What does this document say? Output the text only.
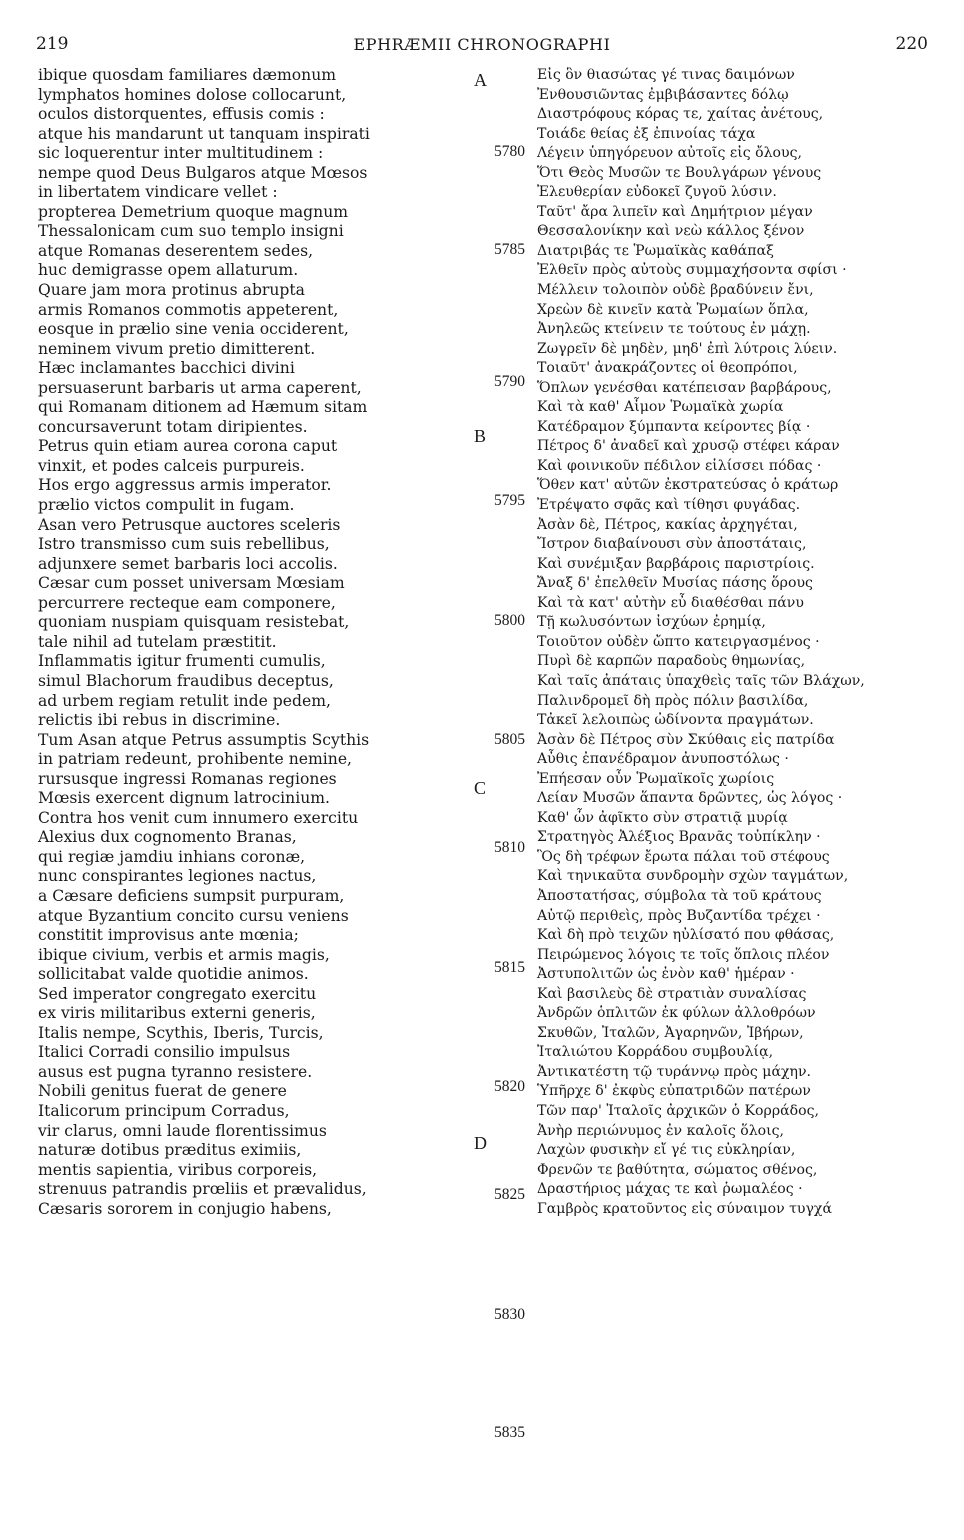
219	EPHRÆMII CHRONOGRAPHI	220
ibique quosdam familiares dæmonum
lymphatos homines dolose collocarunt,
oculos distorquentes, effusis comis :
atque his mandarunt ut tanquam inspirati
sic loquerentur inter multitudinem :
nempe quod Deus Bulgaros atque Mœsos
in libertatem vindicare vellet :
propterea Demetrium quoque magnum
Thessalonicam cum suo templo insigni
atque Romanas deserentem sedes,
huc demigrasse opem allaturum.
Quare jam mora protinus abrupta
armis Romanos commotis appeterent,
eosque in prælio sine venia occiderent,
neminem vivum pretio dimitterent.
Hæc inclamantes bacchici divini
persuaserunt barbaris ut arma caperent,
qui Romanam ditionem ad Hæmum sitam
concursaverunt totam diripientes.
Petrus quin etiam aurea corona caput
vinxit, et podes calceis purpureis.
Hos ergo aggressus armis imperator.
prælio victos compulit in fugam.
Asan vero Petrusque auctores sceleris
Istro transmisso cum suis rebellibus,
adjunxere semet barbaris loci accolis.
Cæsar cum posset universam Mœsiam
percurrere recteque eam componere,
quoniam nuspiam quisquam resistebat,
tale nihil ad tutelam præstitit.
Inflammatis igitur frumenti cumulis,
simul Blachorum fraudibus deceptus,
ad urbem regiam retulit inde pedem,
relictis ibi rebus in discrimine.
Tum Asan atque Petrus assumptis Scythis
in patriam redeunt, prohibente nemine,
rursusque ingressi Romanas regiones
Mœsis exercent dignum latrocinium.
Contra hos venit cum innumero exercitu
Alexius dux cognomento Branas,
qui regiæ jamdiu inhians coronæ,
nunc conspirantes legiones nactus,
a Cæsare deficiens sumpsit purpuram,
atque Byzantium concito cursu veniens
constitit improvisus ante mœnia;
ibique civium, verbis et armis magis,
sollicitabat valde quotidie animos.
Sed imperator congregato exercitu
ex viris militaribus externi generis,
Italis nempe, Scythis, Iberis, Turcis,
Italici Corradi consilio impulsus
ausus est pugna tyranno resistere.
Nobili genitus fuerat de genere
Italicorum principum Corradus,
vir clarus, omni laude florentissimus
naturæ dotibus præditus eximiis,
mentis sapientia, viribus corporeis,
strenuus patrandis prœliis et prævalidus,
Cæsaris sororem in conjugio habens,
Εἰς ὃν θιασώτας γέ τινας δαιμόνων
Ἐνθουσιῶντας ἐμβιβάσαντες δόλῳ
Διαστρόφους κόρας τε, χαίτας ἀνέτους,
Τοιάδε θείας ἐξ ἐπινοίας τάχα
Λέγειν ὑπηγόρευον αὐτοῖς εἰς ὄλους,
Ὅτι Θεὸς Μυσῶν τε Βουλγάρων γένους
Ἐλευθερίαν εὐδοκεῖ ζυγοῦ λύσιν.
Ταῦτ' ἄρα λιπεῖν καὶ Δημήτριον μέγαν
Θεσσαλονίκην καὶ νεὼ κάλλος ξένον
Διατριβάς τε Ῥωμαϊκὰς καθάπαξ
Ἐλθεῖν πρὸς αὐτοὺς συμμαχήσοντα σφίσι ·
Μέλλειν τολοιπὸν οὐδὲ βραδύνειν ἔνι,
Χρεὼν δὲ κινεῖν κατὰ Ῥωμαίων ὅπλα,
Ἀνηλεῶς κτείνειν τε τούτους ἐν μάχῃ.
Ζωγρεῖν δὲ μηδὲν, μηδ' ἐπὶ λύτροις λύειν.
Τοιαῦτ' ἀνακράζοντες οἱ θεοπρόποι,
Ὅπλων γενέσθαι κατέπεισαν βαρβάρους,
Καὶ τὰ καθ' Αἷμον Ῥωμαϊκὰ χωρία
Κατέδραμον ξύμπαντα κείροντες βίᾳ ·
Πέτρος δ' ἀναδεῖ καὶ χρυσῷ στέφει κάραν
Καὶ φοινικοῦν πέδιλον εἱλίσσει πόδας ·
Ὅθεν κατ' αὐτῶν ἐκστρατεύσας ὁ κράτωρ
Ἐτρέψατο σφᾶς καὶ τίθησι φυγάδας.
Ἀσὰν δὲ, Πέτρος, κακίας ἀρχηγέται,
Ἴστρον διαβαίνουσι σὺν ἀποστάταις,
Καὶ συνέμιξαν βαρβάροις παριστρίοις.
Ἄναξ δ' ἐπελθεῖν Μυσίας πάσης ὅρους
Καὶ τὰ κατ' αὐτὴν εὖ διαθέσθαι πάνυ
Τῇ κωλυσόντων ἰσχύων ἐρημίᾳ,
Τοιοῦτον οὐδὲν ὤπτο κατειργασμένος ·
Πυρὶ δὲ καρπῶν παραδοὺς θημωνίας,
Καὶ ταῖς ἀπάταις ὑπαχθεὶς ταῖς τῶν Βλάχων,
Παλινδρομεῖ δὴ πρὸς πόλιν βασιλίδα,
Τἀκεῖ λελοιπὼς ὠδίνοντα πραγμάτων.
Ἀσὰν δὲ Πέτρος σὺν Σκύθαις εἰς πατρίδα
Αὖθις ἐπανέδραμον ἀνυποστόλως ·
Ἐπήεσαν οὖν Ῥωμαϊκοῖς χωρίοις
Λείαν Μυσῶν ἅπαντα δρῶντες, ὡς λόγος ·
Καθ' ὧν ἀφῖκτο σὺν στρατιᾷ μυρίᾳ
Στρατηγὸς Ἀλέξιος Βρανᾶς τοὐπίκλην ·
Ὃς δὴ τρέφων ἔρωτα πάλαι τοῦ στέφους
Καὶ τηνικαῦτα συνδρομὴν σχὼν ταγμάτων,
Ἀποστατήσας, σύμβολα τὰ τοῦ κράτους
Αὐτῷ περιθεὶς, πρὸς Βυζαντίδα τρέχει ·
Καὶ δὴ πρὸ τειχῶν ηὐλίσατό που φθάσας,
Πειρώμενος λόγοις τε τοῖς ὅπλοις πλέον
Ἀστυπολιτῶν ὡς ἐνὸν καθ' ἡμέραν ·
Καὶ βασιλεὺς δὲ στρατιὰν συναλίσας
Ἀνδρῶν ὁπλιτῶν ἐκ φύλων ἀλλοθρόων
Σκυθῶν, Ἰταλῶν, Ἀγαρηνῶν, Ἰβήρων,
Ἰταλιώτου Κορράδου συμβουλίᾳ,
Ἀντικατέστη τῷ τυράννῳ πρὸς μάχην.
Ὑπῆρχε δ' ἐκφὺς εὐπατριδῶν πατέρων
Τῶν παρ' Ἰταλοῖς ἀρχικῶν ὁ Κορράδος,
Ἀνὴρ περιώνυμος ἐν καλοῖς ὅλοις,
Λαχὼν φυσικὴν εἴ γέ τις εὐκληρίαν,
Φρενῶν τε βαθύτητα, σώματος σθένος,
Δραστήριος μάχας τε καὶ ῥωμαλέος ·
Γαμβρὸς κρατοῦντος εἰς σύναιμον τυγχά
A
B
C
D
5780
5785
5790
5795
5800
5805
5810
5815
5820
5825
5830
5835
